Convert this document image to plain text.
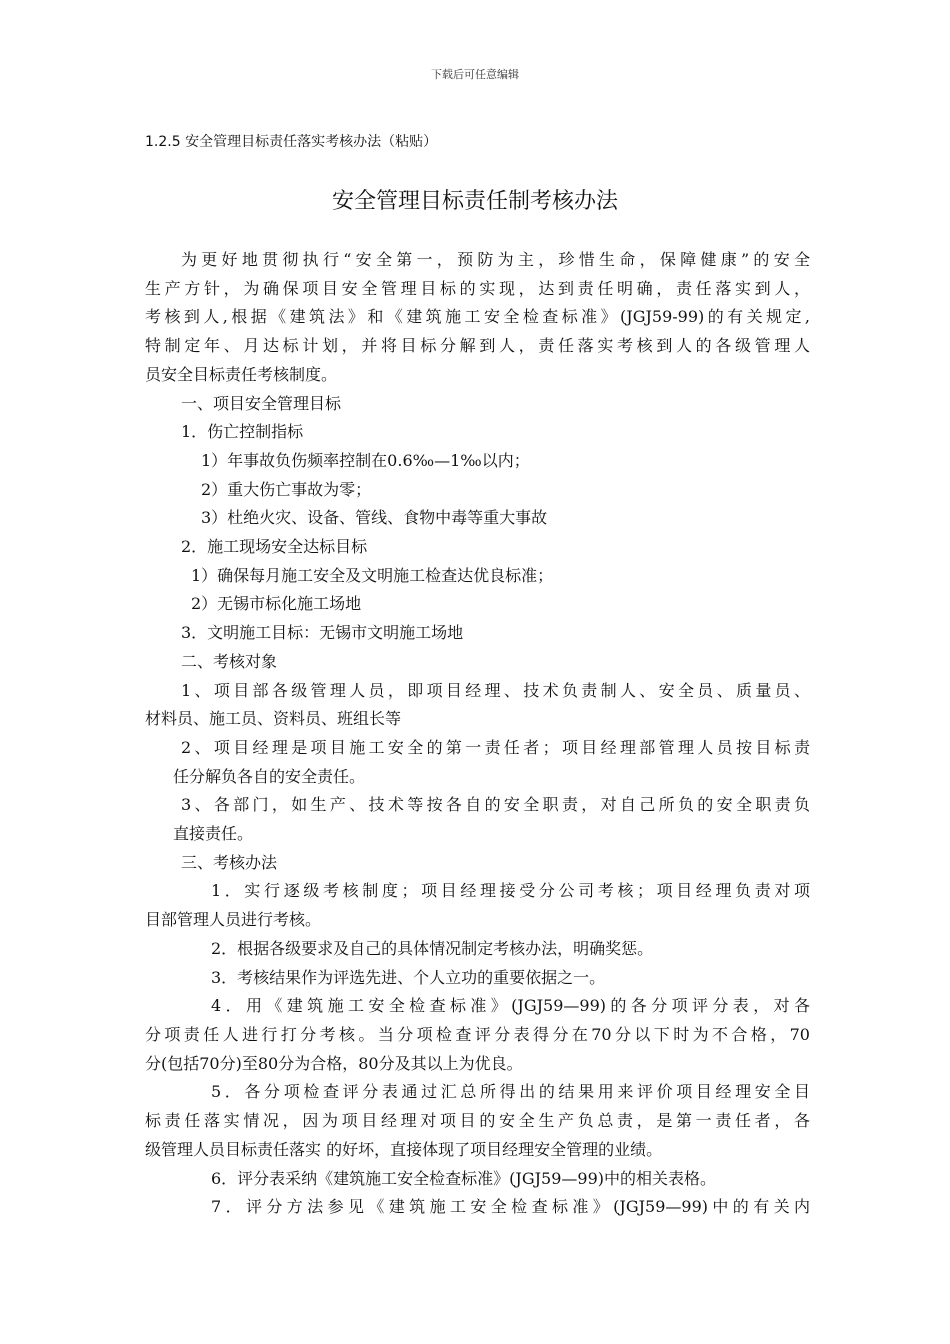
下载后可任意编辑
1.2.5 安全管理目标责任落实考核办法（粘贴）
安全管理目标责任制考核办法

为更好地贯彻执行“安全第一，预防为主，珍惜生命，保障健康”的安全

生产方针，为确保项目安全管理目标的实现，达到责任明确，责任落实到人，

考核到人,根据《建筑法》和《建筑施工安全检查标准》(JGJ59-99)的有关规定,

特制定年、月达标计划，并将目标分解到人，责任落实考核到人的各级管理人

员安全目标责任考核制度。

一、项目安全管理目标

1．伤亡控制指标

1）年事故负伤频率控制在0.6‰—1‰以内；

2）重大伤亡事故为零；

3）杜绝火灾、设备、管线、食物中毒等重大事故

2．施工现场安全达标目标

1）确保每月施工安全及文明施工检查达优良标准；

2）无锡市标化施工场地

3．文明施工目标：无锡市文明施工场地

二、考核对象

1、项目部各级管理人员，即项目经理、技术负责制人、安全员、质量员、

材料员、施工员、资料员、班组长等

2、项目经理是项目施工安全的第一责任者；项目经理部管理人员按目标责

任分解负各自的安全责任。

3、各部门，如生产、技术等按各自的安全职责，对自己所负的安全职责负

直接责任。

三、考核办法

1．实行逐级考核制度；项目经理接受分公司考核；项目经理负责对项

目部管理人员进行考核。

2．根据各级要求及自己的具体情况制定考核办法，明确奖惩。

3．考核结果作为评选先进、个人立功的重要依据之一。

4．用《建筑施工安全检查标准》(JGJ59—99)的各分项评分表，对各

分项责任人进行打分考核。当分项检查评分表得分在70分以下时为不合格，70

分(包括70分)至80分为合格，80分及其以上为优良。

5．各分项检查评分表通过汇总所得出的结果用来评价项目经理安全目

标责任落实情况，因为项目经理对项目的安全生产负总责，是第一责任者，各

级管理人员目标责任落实 的好坏，直接体现了项目经理安全管理的业绩。

6．评分表采纳《建筑施工安全检查标准》(JGJ59—99)中的相关表格。

7．评分方法参见《建筑施工安全检查标准》(JGJ59—99)中的有关内
